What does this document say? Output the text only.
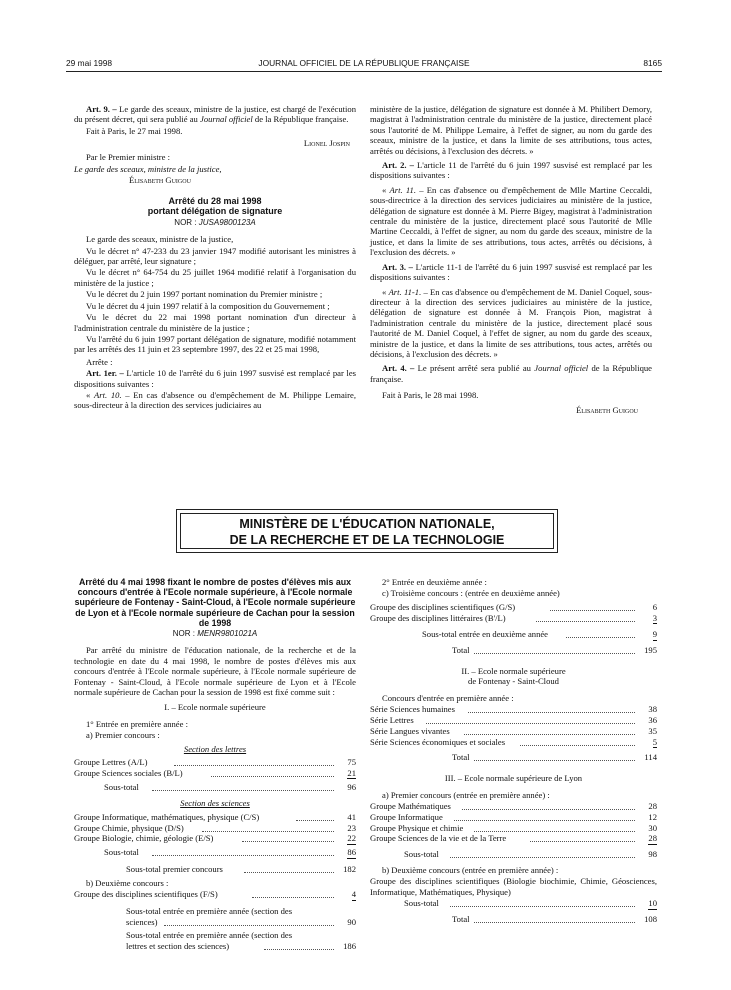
29 mai 1998	JOURNAL OFFICIEL DE LA RÉPUBLIQUE FRANÇAISE	8165

Art. 9. – Le garde des sceaux, ministre de la justice, est chargé de l'exécution du présent décret, qui sera publié au Journal officiel de la République française.

Fait à Paris, le 27 mai 1998.

Lionel Jospin

Par le Premier ministre :

Le garde des sceaux, ministre de la justice,

Élisabeth Guigou

Arrêté du 28 mai 1998
portant délégation de signature
NOR : JUSA9800123A

Le garde des sceaux, ministre de la justice,

Vu le décret n° 47-233 du 23 janvier 1947 modifié autorisant les ministres à déléguer, par arrêté, leur signature ;

Vu le décret n° 64-754 du 25 juillet 1964 modifié relatif à l'organisation du ministère de la justice ;

Vu le décret du 2 juin 1997 portant nomination du Premier ministre ;

Vu le décret du 4 juin 1997 relatif à la composition du Gouvernement ;

Vu le décret du 22 mai 1998 portant nomination d'un directeur à l'administration centrale du ministère de la justice ;

Vu l'arrêté du 6 juin 1997 portant délégation de signature, modifié notamment par les arrêtés des 11 juin et 23 septembre 1997, des 22 et 25 mai 1998,

Arrête :

Art. 1er. – L'article 10 de l'arrêté du 6 juin 1997 susvisé est remplacé par les dispositions suivantes :

« Art. 10. – En cas d'absence ou d'empêchement de M. Philippe Lemaire, sous-directeur à la direction des services judiciaires au

ministère de la justice, délégation de signature est donnée à M. Philibert Demory, magistrat à l'administration centrale du ministère de la justice, directement placé sous l'autorité de M. Philippe Lemaire, à l'effet de signer, au nom du garde des sceaux, ministre de la justice, et dans la limite de ses attributions, tous actes, arrêtés ou décisions, à l'exclusion des décrets. »

Art. 2. – L'article 11 de l'arrêté du 6 juin 1997 susvisé est remplacé par les dispositions suivantes :

« Art. 11. – En cas d'absence ou d'empêchement de Mlle Martine Ceccaldi, sous-directrice à la direction des services judiciaires au ministère de la justice, délégation de signature est donnée à M. Pierre Bigey, magistrat à l'administration centrale du ministère de la justice, directement placé sous l'autorité de Mlle Martine Ceccaldi, à l'effet de signer, au nom du garde des sceaux, ministre de la justice, et dans la limite de ses attributions, tous actes, arrêtés ou décisions, à l'exclusion des décrets. »

Art. 3. – L'article 11-1 de l'arrêté du 6 juin 1997 susvisé est remplacé par les dispositions suivantes :

« Art. 11-1. – En cas d'absence ou d'empêchement de M. Daniel Coquel, sous-directeur à la direction des services judiciaires au ministère de la justice, délégation de signature est donnée à M. François Pion, magistrat à l'administration centrale du ministère de la justice, directement placé sous l'autorité de M. Daniel Coquel, à l'effet de signer, au nom du garde des sceaux, ministre de la justice, et dans la limite de ses attributions, tous actes, arrêtés ou décisions, à l'exclusion des décrets. »

Art. 4. – Le présent arrêté sera publié au Journal officiel de la République française.

Fait à Paris, le 28 mai 1998.

Élisabeth Guigou

MINISTÈRE DE L'ÉDUCATION NATIONALE,
DE LA RECHERCHE ET DE LA TECHNOLOGIE
Arrêté du 4 mai 1998 fixant le nombre de postes d'élèves mis aux concours d'entrée à l'Ecole normale supérieure, à l'Ecole normale supérieure de Fontenay - Saint-Cloud, à l'Ecole normale supérieure de Lyon et à l'Ecole normale supérieure de Cachan pour la session de 1998
NOR : MENR9801021A

Par arrêté du ministre de l'éducation nationale, de la recherche et de la technologie en date du 4 mai 1998, le nombre de postes d'élèves mis aux concours d'entrée à l'Ecole normale supérieure, à l'Ecole normale supérieure de Fontenay - Saint-Cloud, à l'Ecole normale supérieure de Lyon et à l'Ecole normale supérieure de Cachan pour la session de 1998 est fixé comme suit :

I. – Ecole normale supérieure

1° Entrée en première année :

a) Premier concours :

Section des lettres
Groupe Lettres (A/L)	75
Groupe Sciences sociales (B/L)	21
Sous-total	96
Section des sciences
Groupe Informatique, mathématiques, physique (C/S)	41
Groupe Chimie, physique (D/S)	23
Groupe Biologie, chimie, géologie (E/S)	22
Sous-total	86
Sous-total premier concours	182

b) Deuxième concours :

Groupe des disciplines scientifiques (F/S)	4
Sous-total entrée en première année (section des
sciences)	90
Sous-total entrée en première année (section des
lettres et section des sciences)	186

2° Entrée en deuxième année :

c) Troisième concours : (entrée en deuxième année)

Groupe des disciplines scientifiques (G/S)	6
Groupe des disciplines littéraires (B'/L)	3
Sous-total entrée en deuxième année	9
Total	195
II. – Ecole normale supérieure
de Fontenay - Saint-Cloud

Concours d'entrée en première année :

Série Sciences humaines	38
Série Lettres	36
Série Langues vivantes	35
Série Sciences économiques et sociales	5
Total	114
III. – Ecole normale supérieure de Lyon

a) Premier concours (entrée en première année) :

Groupe Mathématiques	28
Groupe Informatique	12
Groupe Physique et chimie	30
Groupe Sciences de la vie et de la Terre	28
Sous-total	98

b) Deuxième concours (entrée en première année) :

Groupe des disciplines scientifiques (Biologie biochimie, Chimie, Géosciences, Informatique, Mathématiques, Physique)

Sous-total	10
Total	108
